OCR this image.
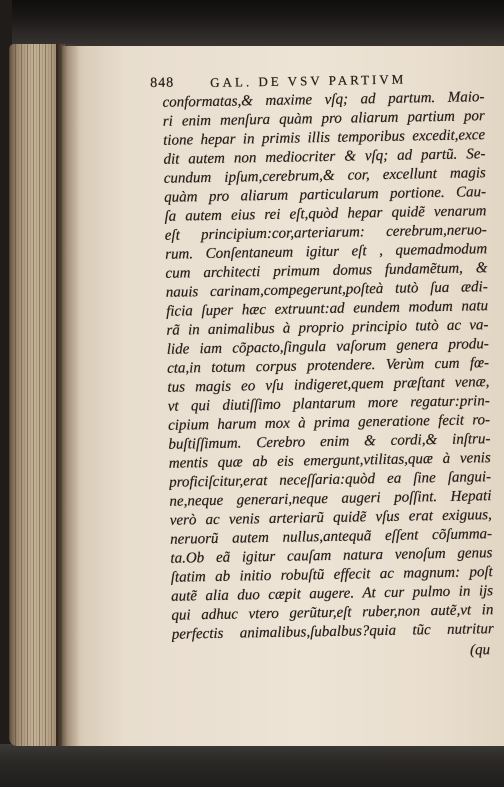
848	GAL. DE VSV PARTIVM
conformatas,& maxime vſq; ad partum. Maio-
ri enim menſura quàm pro aliarum partium por
tione hepar in primis illis temporibus excedit,exce
dit autem non mediocriter & vſq; ad partũ. Se-
cundum ipſum,cerebrum,& cor, excellunt magis
quàm pro aliarum particularum portione. Cau-
ſa autem eius rei eſt,quòd hepar quidẽ venarum
eſt principium:cor,arteriarum: cerebrum,neruo-
rum. Conſentaneum igitur eſt , quemadmodum
cum architecti primum domus fundamẽtum, &
nauis carinam,compegerunt,poſteà tutò ſua ædi-
ficia ſuper hæc extruunt:ad eundem modum natu
rã in animalibus à proprio principio tutò ac va-
lide iam cõpacto,ſingula vaſorum genera produ-
cta,in totum corpus protendere. Verùm cum fœ-
tus magis eo vſu indigeret,quem præſtant venæ,
vt qui diutiſſimo plantarum more regatur:prin-
cipium harum mox à prima generatione fecit ro-
buſtiſſimum. Cerebro enim & cordi,& inſtru-
mentis quæ ab eis emergunt,vtilitas,quæ à venis
proficiſcitur,erat neceſſaria:quòd ea ſine ſangui-
ne,neque generari,neque augeri poſſint. Hepati
verò ac venis arteriarũ quidẽ vſus erat exiguus,
neruorũ autem nullus,antequã eſſent cõſumma-
ta.Ob eã igitur cauſam natura venoſum genus
ſtatim ab initio robuſtũ effecit ac magnum: poſt
autẽ alia duo cæpit augere. At cur pulmo in ijs
qui adhuc vtero gerũtur,eſt ruber,non autẽ,vt in
perfectis animalibus,ſubalbus?quia tũc nutritur
(qu
